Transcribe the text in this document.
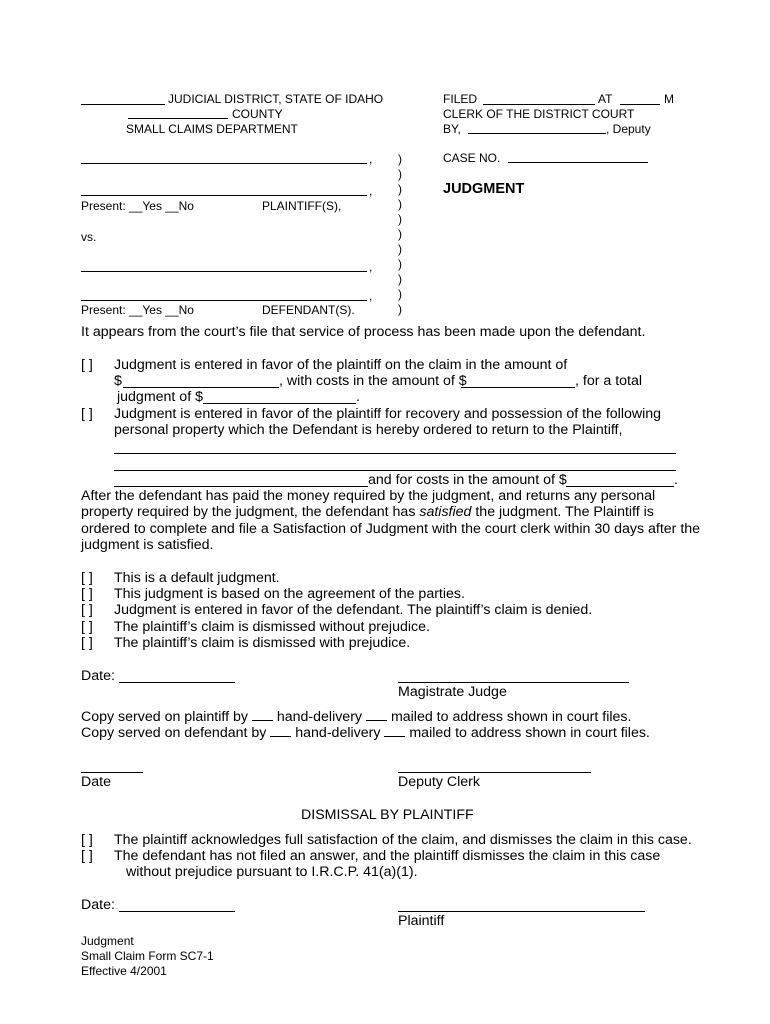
JUDICIAL DISTRICT, STATE OF IDAHO
COUNTY
SMALL CLAIMS DEPARTMENT
FILED	AT	M
CLERK OF THE DISTRICT COURT
BY,	, Deputy
CASE NO.
JUDGMENT
,
,
Present: __Yes __No	PLAINTIFF(S),
vs.
,
,
Present: __Yes __No	DEFENDANT(S).
)
)
)
)
)
)
)
)
)
)
)
It appears from the court’s file that service of process has been made upon the defendant.
[ ] Judgment is entered in favor of the plaintiff on the claim in the amount of
$	, with costs in the amount of $	, for a total
judgment of $	.
[ ] Judgment is entered in favor of the plaintiff for recovery and possession of the following
personal property which the Defendant is hereby ordered to return to the Plaintiff,
and for costs in the amount of $	.
After the defendant has paid the money required by the judgment, and returns any personal
property required by the judgment, the defendant has satisfied the judgment. The Plaintiff is
ordered to complete and file a Satisfaction of Judgment with the court clerk within 30 days after the
judgment is satisfied.
[ ] This is a default judgment.
[ ] This judgment is based on the agreement of the parties.
[ ] Judgment is entered in favor of the defendant. The plaintiff’s claim is denied.
[ ] The plaintiff’s claim is dismissed without prejudice.
[ ] The plaintiff’s claim is dismissed with prejudice.
Date:
Magistrate Judge
Copy served on plaintiff by hand-delivery mailed to address shown in court files.
Copy served on defendant by hand-delivery mailed to address shown in court files.
Date	Deputy Clerk
DISMISSAL BY PLAINTIFF
[ ] The plaintiff acknowledges full satisfaction of the claim, and dismisses the claim in this case.
[ ] The defendant has not filed an answer, and the plaintiff dismisses the claim in this case
without prejudice pursuant to I.R.C.P. 41(a)(1).
Date:
Plaintiff
Judgment
Small Claim Form SC7-1
Effective 4/2001
